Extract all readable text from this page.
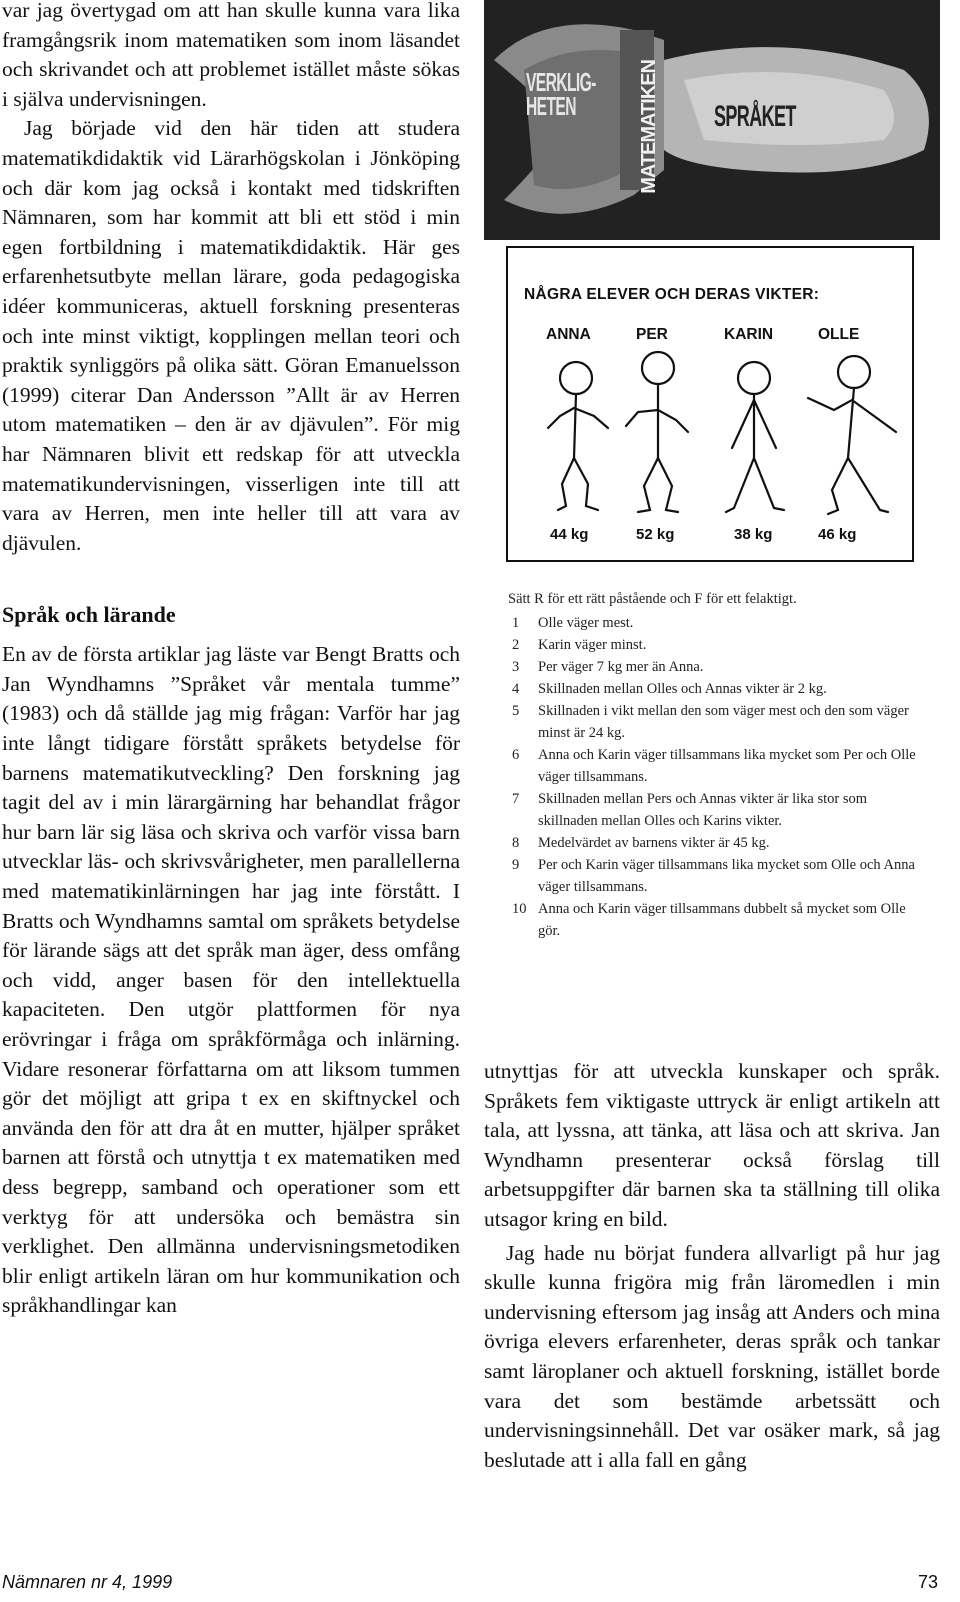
var jag övertygad om att han skulle kunna vara lika framgångsrik inom matematiken som inom läsandet och skrivandet och att problemet istället måste sökas i själva undervisningen.

Jag började vid den här tiden att studera matematikdidaktik vid Lärarhögskolan i Jönköping och där kom jag också i kontakt med tidskriften Nämnaren, som har kommit att bli ett stöd i min egen fortbildning i matematikdidaktik. Här ges erfarenhetsutbyte mellan lärare, goda pedagogiska idéer kommuniceras, aktuell forskning presenteras och inte minst viktigt, kopplingen mellan teori och praktik synliggörs på olika sätt. Göran Emanuelsson (1999) citerar Dan Andersson ”Allt är av Herren utom matematiken – den är av djävulen”. För mig har Nämnaren blivit ett redskap för att utveckla matematikundervisningen, visserligen inte till att vara av Herren, men inte heller till att vara av djävulen.

Språk och lärande

En av de första artiklar jag läste var Bengt Bratts och Jan Wyndhamns ”Språket vår mentala tumme” (1983) och då ställde jag mig frågan: Varför har jag inte långt tidigare förstått språkets betydelse för barnens matematikutveckling? Den forskning jag tagit del av i min lärargärning har behandlat frågor hur barn lär sig läsa och skriva och varför vissa barn utvecklar läs- och skrivsvårigheter, men parallellerna med matematikinlärningen har jag inte förstått. I Bratts och Wyndhamns samtal om språkets betydelse för lärande sägs att det språk man äger, dess omfång och vidd, anger basen för den intellektuella kapaciteten. Den utgör plattformen för nya erövringar i fråga om språkförmåga och inlärning. Vidare resonerar författarna om att liksom tummen gör det möjligt att gripa t ex en skiftnyckel och använda den för att dra åt en mutter, hjälper språket barnen att förstå och utnyttja t ex matematiken med dess begrepp, samband och operationer som ett verktyg för att undersöka och bemästra sin verklighet. Den allmänna undervisningsmetodiken blir enligt artikeln läran om hur kommunikation och språkhandlingar kan

VERKLIG-HETEN	MATEMATIKEN SPRÅKET
NÅGRA ELEVER OCH DERAS VIKTER:
ANNA	PER	KARIN	OLLE
44 kg	52 kg	38 kg	46 kg

Sätt R för ett rätt påstående och F för ett felaktigt.

1	Olle väger mest.
2	Karin väger minst.
3	Per väger 7 kg mer än Anna.
4	Skillnaden mellan Olles och Annas vikter är 2 kg.
5	Skillnaden i vikt mellan den som väger mest och den som väger minst är 24 kg.
6	Anna och Karin väger tillsammans lika mycket som Per och Olle väger tillsammans.
7	Skillnaden mellan Pers och Annas vikter är lika stor som skillnaden mellan Olles och Karins vikter.
8	Medelvärdet av barnens vikter är 45 kg.
9	Per och Karin väger tillsammans lika mycket som Olle och Anna väger tillsammans.
10 Anna och Karin väger tillsammans dubbelt så mycket som Olle gör.

utnyttjas för att utveckla kunskaper och språk. Språkets fem viktigaste uttryck är enligt artikeln att tala, att lyssna, att tänka, att läsa och att skriva. Jan Wyndhamn presenterar också förslag till arbetsuppgifter där barnen ska ta ställning till olika utsagor kring en bild.

Jag hade nu börjat fundera allvarligt på hur jag skulle kunna frigöra mig från läromedlen i min undervisning eftersom jag insåg att Anders och mina övriga elevers erfarenheter, deras språk och tankar samt läroplaner och aktuell forskning, istället borde vara det som bestämde arbetssätt och undervisningsinnehåll. Det var osäker mark, så jag beslutade att i alla fall en gång

Nämnaren nr 4, 1999	73
